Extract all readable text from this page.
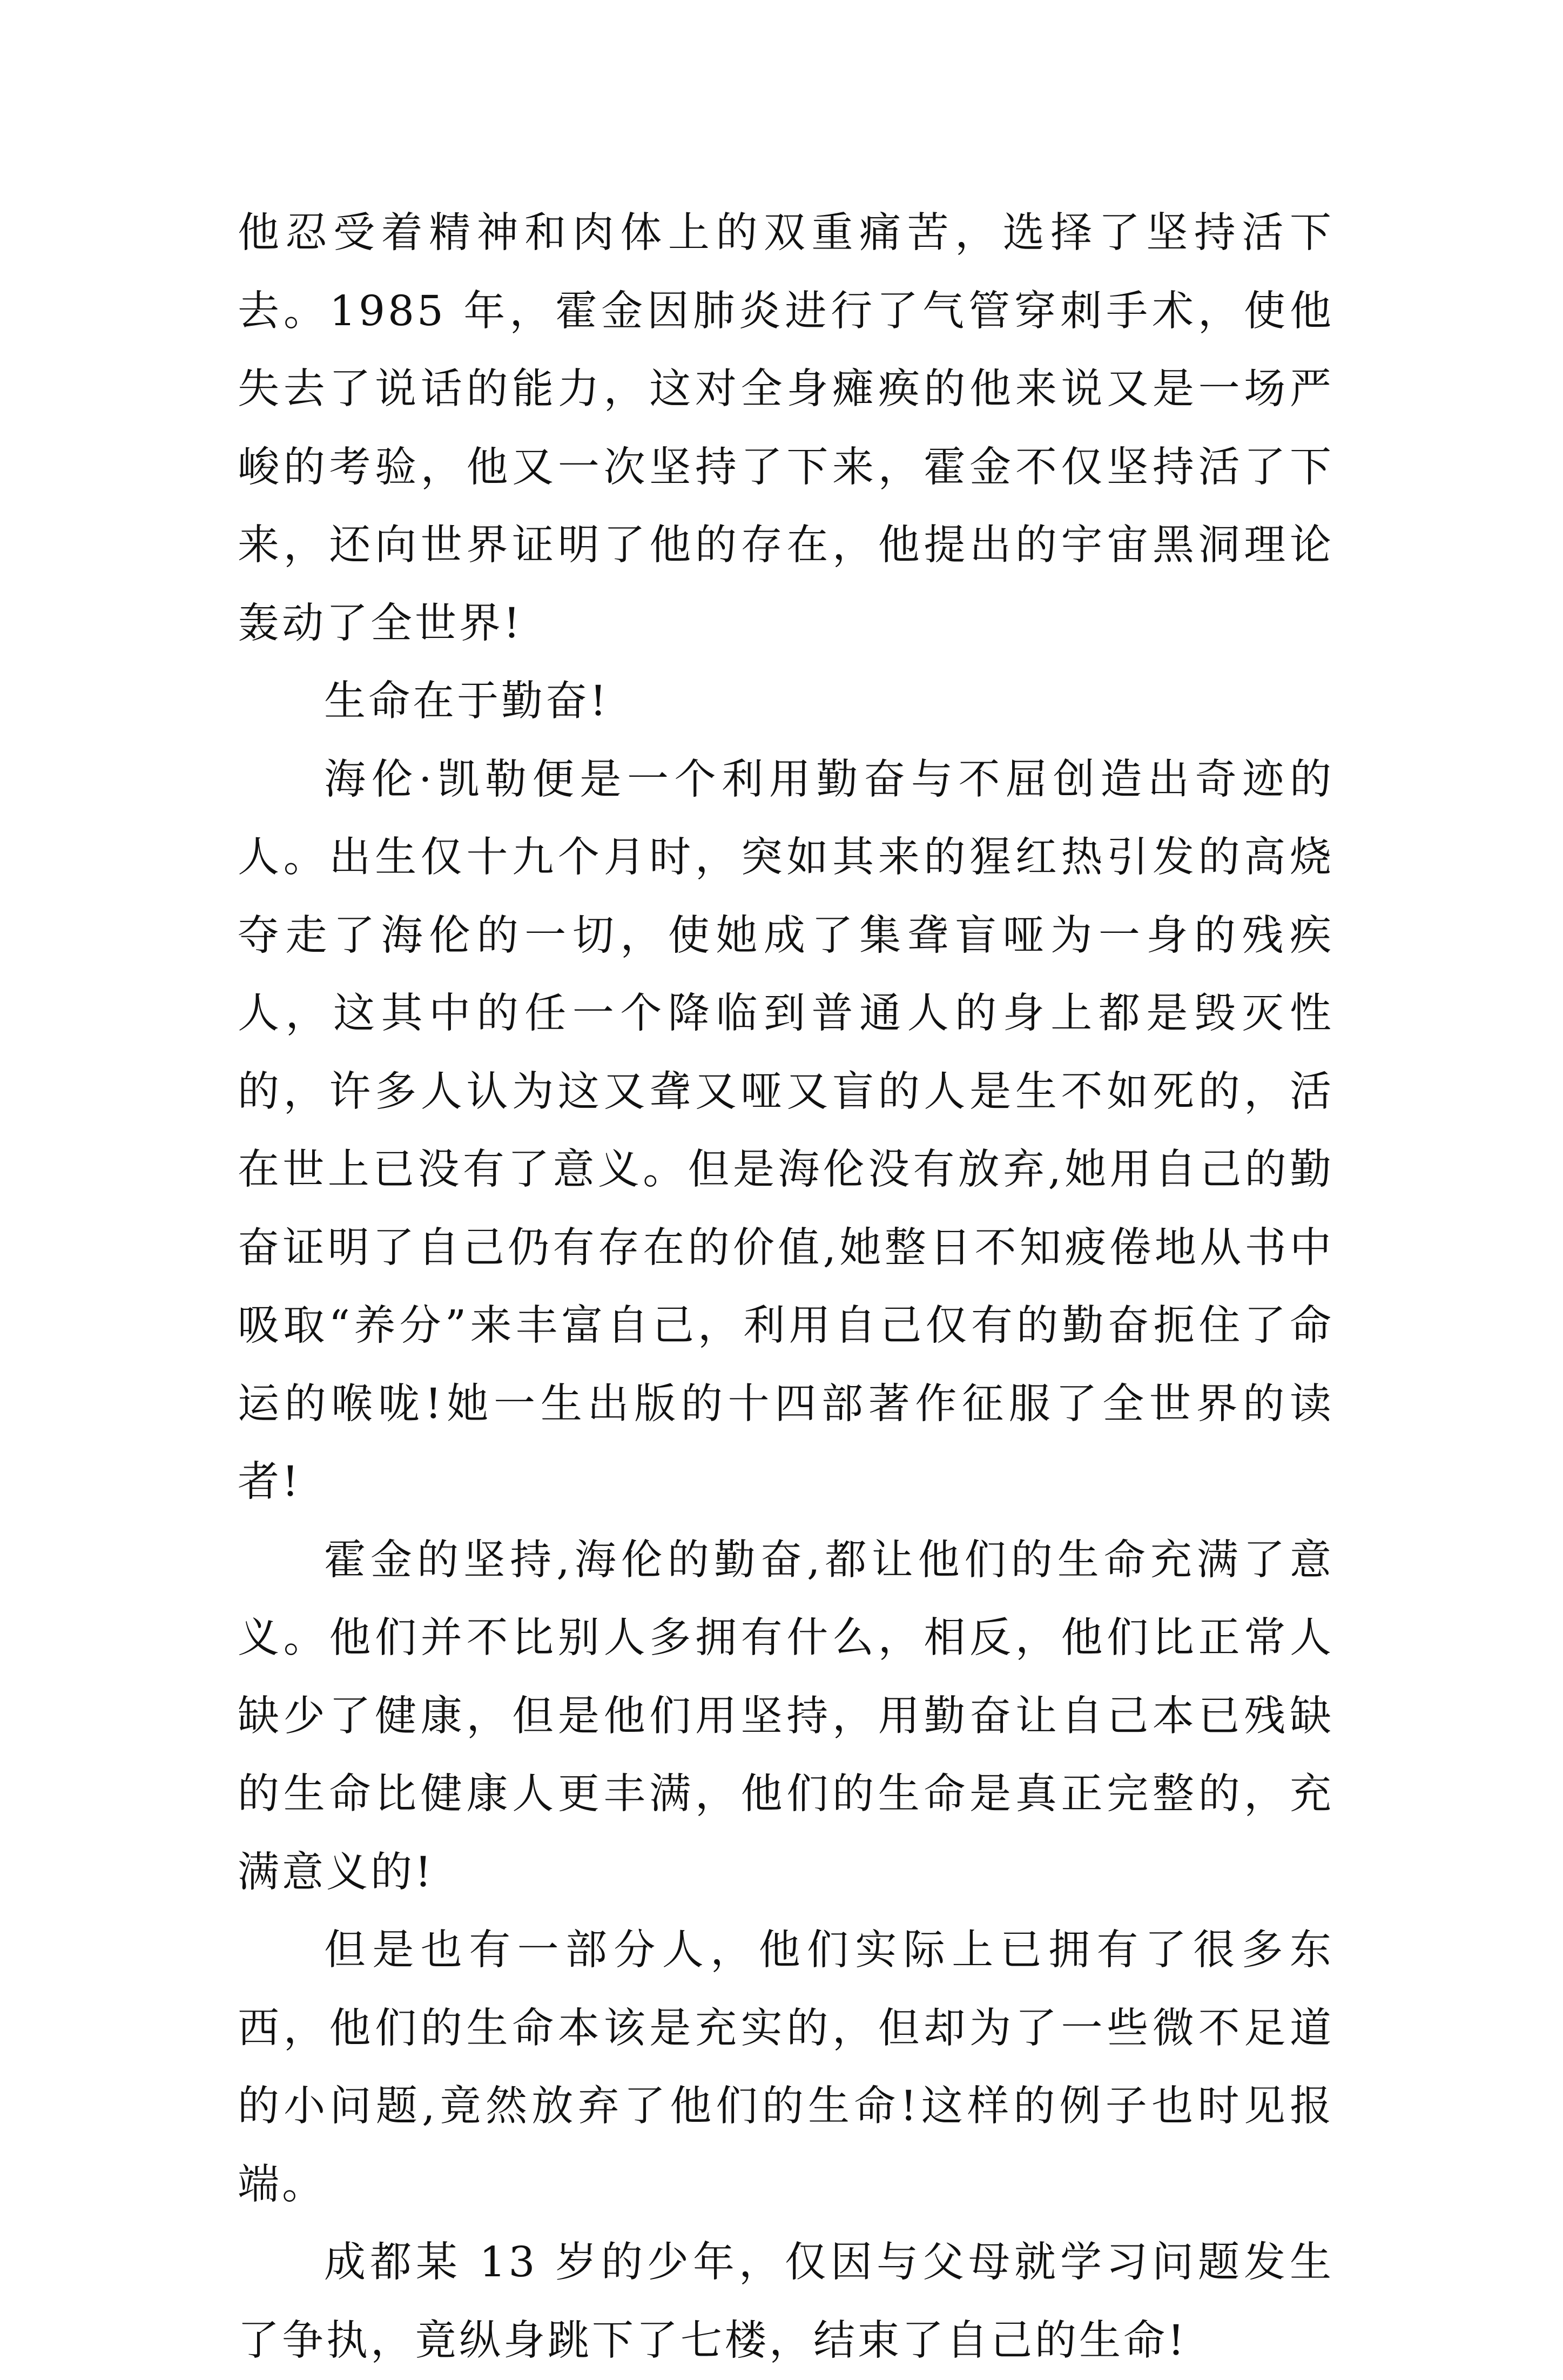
他忍受着精神和肉体上的双重痛苦，选择了坚持活下去。1985 年，霍金因肺炎进行了气管穿刺手术，使他失去了说话的能力，这对全身瘫痪的他来说又是一场严峻的考验，他又一次坚持了下来，霍金不仅坚持活了下来，还向世界证明了他的存在，他提出的宇宙黑洞理论轰动了全世界!

生命在于勤奋!

海伦·凯勒便是一个利用勤奋与不屈创造出奇迹的人。出生仅十九个月时，突如其来的猩红热引发的高烧夺走了海伦的一切，使她成了集聋盲哑为一身的残疾人，这其中的任一个降临到普通人的身上都是毁灭性的，许多人认为这又聋又哑又盲的人是生不如死的，活在世上已没有了意义。但是海伦没有放弃,她用自己的勤奋证明了自己仍有存在的价值,她整日不知疲倦地从书中吸取“养分”来丰富自己，利用自己仅有的勤奋扼住了命运的喉咙!她一生出版的十四部著作征服了全世界的读者!

霍金的坚持,海伦的勤奋,都让他们的生命充满了意义。他们并不比别人多拥有什么，相反，他们比正常人缺少了健康，但是他们用坚持，用勤奋让自己本已残缺的生命比健康人更丰满，他们的生命是真正完整的，充满意义的!

但是也有一部分人，他们实际上已拥有了很多东西，他们的生命本该是充实的，但却为了一些微不足道的小问题,竟然放弃了他们的生命!这样的例子也时见报端。

成都某 13 岁的少年，仅因与父母就学习问题发生了争执，竟纵身跳下了七楼，结束了自己的生命!
